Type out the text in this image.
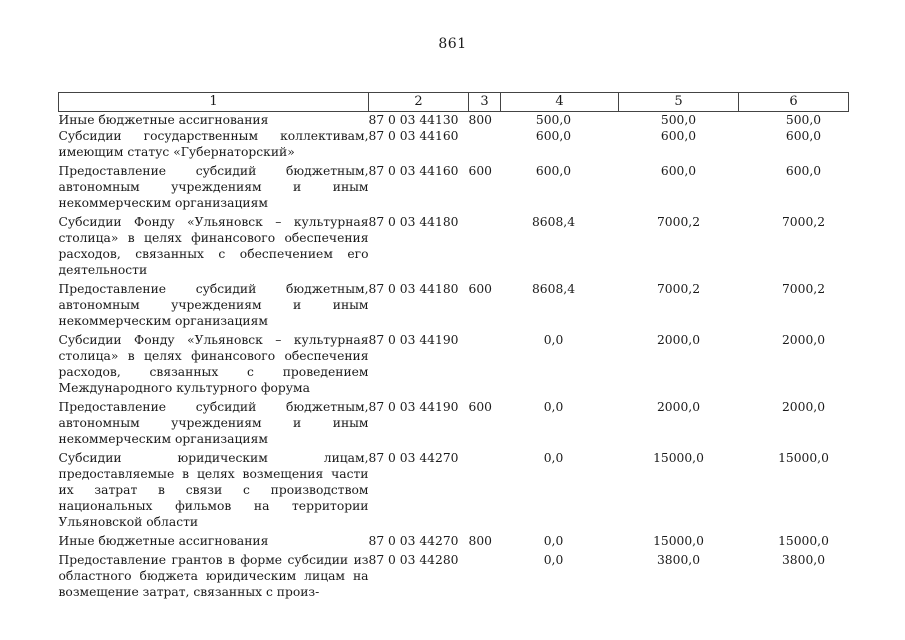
861
1	2	3	4	5	6
Иные бюджетные ассигнования	87 0 03 44130	800	500,0	500,0	500,0
Субсидии государственным коллективам, имеющим статус «Губернаторский»	87 0 03 44160		600,0	600,0	600,0
Предоставление субсидий бюджетным, автономным учреждениям и иным некоммерческим организациям	87 0 03 44160	600	600,0	600,0	600,0
Субсидии Фонду «Ульяновск – культурная столица» в целях финансового обеспечения расходов, связанных с обеспечением его деятельности	87 0 03 44180		8608,4	7000,2	7000,2
Предоставление субсидий бюджетным, автономным учреждениям и иным некоммерческим организациям	87 0 03 44180	600	8608,4	7000,2	7000,2
Субсидии Фонду «Ульяновск – культурная столица» в целях финансового обеспечения расходов, связанных с проведением Международного культурного форума	87 0 03 44190		0,0	2000,0	2000,0
Предоставление субсидий бюджетным, автономным учреждениям и иным некоммерческим организациям	87 0 03 44190	600	0,0	2000,0	2000,0
Субсидии юридическим лицам, предоставляемые в целях возмещения части их затрат в связи с производством национальных фильмов на территории Ульяновской области	87 0 03 44270		0,0	15000,0	15000,0
Иные бюджетные ассигнования	87 0 03 44270	800	0,0	15000,0	15000,0
Предоставление грантов в форме субсидии из областного бюджета юридическим лицам на возмещение затрат, связанных с произ-	87 0 03 44280		0,0	3800,0	3800,0
